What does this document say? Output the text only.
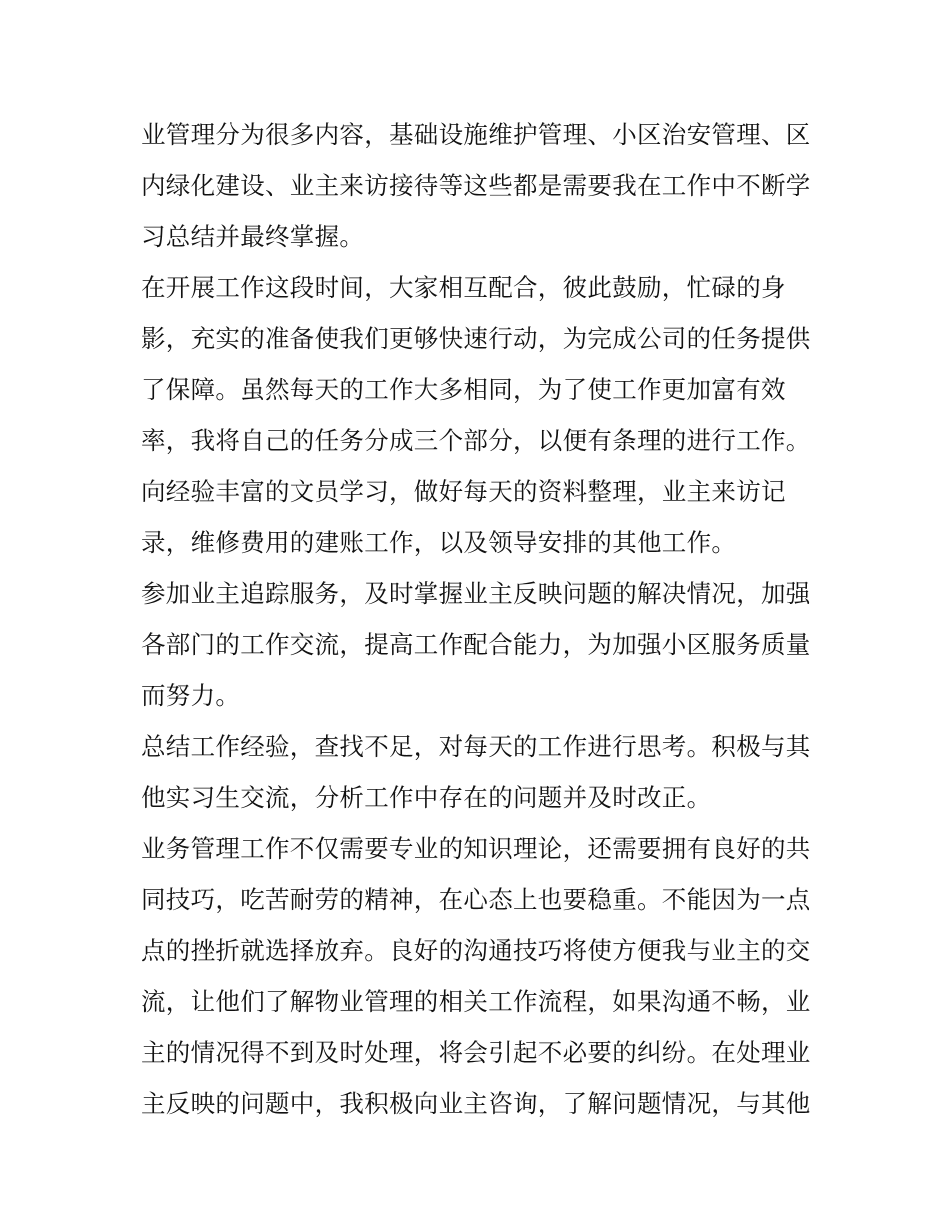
业管理分为很多内容，基础设施维护管理、小区治安管理、区
内绿化建设、业主来访接待等这些都是需要我在工作中不断学
习总结并最终掌握。
在开展工作这段时间，大家相互配合，彼此鼓励，忙碌的身
影，充实的准备使我们更够快速行动，为完成公司的任务提供
了保障。虽然每天的工作大多相同，为了使工作更加富有效
率，我将自己的任务分成三个部分，以便有条理的进行工作。
向经验丰富的文员学习，做好每天的资料整理，业主来访记
录，维修费用的建账工作，以及领导安排的其他工作。
参加业主追踪服务，及时掌握业主反映问题的解决情况，加强
各部门的工作交流，提高工作配合能力，为加强小区服务质量
而努力。
总结工作经验，查找不足，对每天的工作进行思考。积极与其
他实习生交流，分析工作中存在的问题并及时改正。
业务管理工作不仅需要专业的知识理论，还需要拥有良好的共
同技巧，吃苦耐劳的精神，在心态上也要稳重。不能因为一点
点的挫折就选择放弃。良好的沟通技巧将使方便我与业主的交
流，让他们了解物业管理的相关工作流程，如果沟通不畅，业
主的情况得不到及时处理，将会引起不必要的纠纷。在处理业
主反映的问题中，我积极向业主咨询，了解问题情况，与其他
